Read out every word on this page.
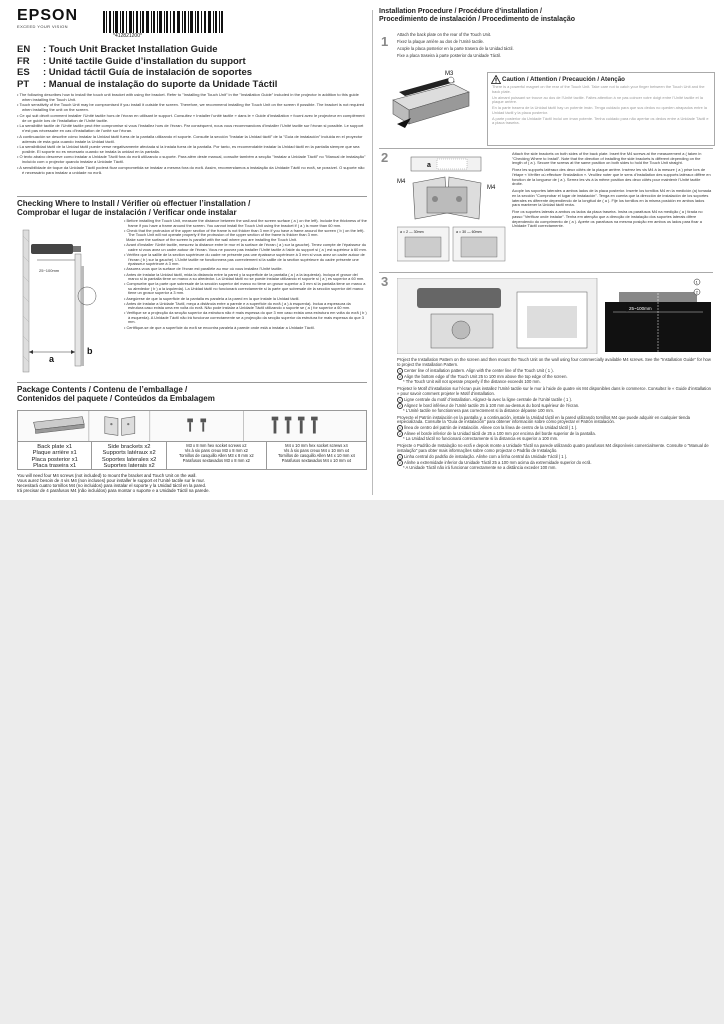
EPSON
EXCEED YOUR VISION
*412821200*
EN : Touch Unit Bracket Installation Guide
FR : Unité tactile Guide d’installation du support
ES : Unidad táctil Guía de instalación de soportes
PT : Manual de instalação do suporte da Unidade Táctil

• The following describes how to install the touch unit bracket with using the bracket. Refer to "Installing the Touch Unit" in the "Installation Guide" included in the projector in addition to this guide when installing the Touch Unit.

• Touch sensitivity of the Touch Unit may be compromised if you install it outside the screen. Therefore, we recommend installing the Touch Unit on the screen if possible. The bracket is not required when installing the unit on the screen.

• Ce qui suit décrit comment installer l’Unité tactile hors de l’écran en utilisant le support. Consultez « Installer l’unité tactile » dans le « Guide d’installation » fourni avec le projecteur en complément de ce guide lors de l’installation de l’Unité tactile.

• La sensibilité tactile de l’Unité tactile peut être compromise si vous l’installez hors de l’écran. Par conséquent, nous vous recommandons d’installer l’Unité tactile sur l’écran si possible. Le support n’est pas nécessaire en cas d’installation de l’unité sur l’écran.

• A continuación se describe cómo instalar la Unidad táctil fuera de la pantalla utilizando el soporte. Consulte la sección "Instalar la Unidad táctil" de la "Guía de instalación" incluida en el proyector además de esta guía cuando instale la Unidad táctil.

• La sensibilidad táctil de la Unidad táctil puede verse negativamente afectada si la instala fuera de la pantalla. Por tanto, es recomendable instalar la Unidad táctil en la pantalla siempre que sea posible. El soporte no es necesario cuando se instala la unidad en la pantalla.

• O texto abaixo descreve como instalar a Unidade Táctil fora do ecrã utilizando o suporte. Para além deste manual, consulte também a secção "Instalar a Unidade Táctil" no "Manual de instalação" incluído com o projector quando instalar a Unidade Táctil.

• A sensibilidade de toque da Unidade Táctil poderá ficar comprometida se instalar a mesma fora do ecrã. Assim, recomendamos a instalação da Unidade Táctil no ecrã, se possível. O suporte não é necessário para instalar a unidade no ecrã.

Checking Where to Install / Vérifier où effectuer l’installation /
Comprobar el lugar de instalación / Verificar onde instalar
25~100mm
a
b

• Before installing the Touch Unit, measure the distance between the wall and the screen surface ( a ) on the left). Include the thickness of the frame if you have a frame around the screen. You cannot install the Touch Unit using the bracket if ( a ) is more than 60 mm.

• Check that the protrusion of the upper section of the frame is not thicker than 3 mm if you have a frame around the screen ( b ) on the left). The Touch Unit will not operate properly if the protrusion of the upper section of the frame is thicker than 3 mm.

Make sure the surface of the screen is parallel with the wall where you are installing the Touch Unit.

• Avant d’installer l’Unité tactile, mesurez la distance entre le mur et la surface de l’écran ( a ) sur la gauche). Tenez compte de l’épaisseur du cadre si vous avez un cadre autour de l’écran. Vous ne pouvez pas installer l’Unité tactile à l’aide du support si ( a ) est supérieur à 60 mm.

• Vérifiez que la saillie de la section supérieure du cadre ne présente pas une épaisseur supérieure à 3 mm si vous avez un cadre autour de l’écran ( b ) sur la gauche). L’Unité tactile ne fonctionnera pas correctement si la saillie de la section supérieure du cadre présente une épaisseur supérieure à 3 mm.

• Assurez-vous que la surface de l’écran est parallèle au mur où vous installez l’Unité tactile.

• Antes de instalar la Unidad táctil, mida la distancia entre la pared y la superficie de la pantalla ( a ) a la izquierda). Incluya el grosor del marco si la pantalla tiene un marco a su alrededor. La Unidad táctil no se puede instalar utilizando el soporte si ( a ) es superior a 60 mm.

• Compruebe que la parte que sobresale de la sección superior del marco no tiene un grosor superior a 3 mm si la pantalla tiene un marco a su alrededor ( b ) a la izquierda). La Unidad táctil no funcionará correctamente si la parte que sobresale de la sección superior del marco tiene un grosor superior a 3 mm.

• Asegúrese de que la superficie de la pantalla es paralela a la pared en la que instale la Unidad táctil.

• Antes de instalar a Unidade Táctil, meça a distância entre a parede e a superfície do ecrã ( a ) à esquerda). Inclua a espessura da estrutura caso exista uma em volta do ecrã. Não pode instalar a Unidade Táctil utilizando o suporte se ( a ) for superior a 60 mm.

• Verifique se a projecção da secção superior da estrutura não é mais espessa do que 3 mm caso exista uma estrutura em volta do ecrã ( b ) à esquerda). A Unidade Táctil não irá funcionar correctamente se a projecção da secção superior da estrutura for mais espessa do que 3 mm.

• Certifique-se de que a superfície do ecrã se encontra paralela à parede onde está a instalar a Unidade Táctil.

Package Contents / Contenu de l’emballage /
Contenidos del paquete / Conteúdos da Embalagem
Back plate x1
Plaque arrière x1
Placa posterior x1
Placa traseira x1
Side brackets x2
Supports latéraux x2
Soportes laterales x2
Suportes laterais x2
M3 x 8 mm hex socket screws x2
Vis à six pans creux M3 x 8 mm x2
Tornillos de casquillo Allen M3 x 8 mm x2
Parafusos sextavados M3 x 8 mm x2
M4 x 10 mm hex socket screws x4
Vis à six pans creux M4 x 10 mm x4
Tornillos de casquillo Allen M4 x 10 mm x4
Parafusos sextavados M4 x 10 mm x4
You will need four M4 screws (not included) to mount the bracket and Touch Unit on the wall.
Vous aurez besoin de 4 vis M4 (non incluses) pour installer le support et l’Unité tactile sur le mur.
Necesitará cuatro tornillos M4 (no incluidos) para instalar el soporte y la Unidad táctil en la pared.
Irá precisar de 4 parafusos M4 (não incluídos) para montar o suporte e a Unidade Táctil na parede.
Installation Procedure / Procédure d’installation /
Procedimiento de instalación / Procedimento de instalação
1 Attach the back plate on the rear of the Touch Unit.
Fixez la plaque arrière au dos de l’Unité tactile.
Acople la placa posterior en la parte trasera de la Unidad táctil.
Fixe a placa traseira à parte posterior da Unidade Táctil.
M3
Caution / Attention / Precaución / Atenção

There is a powerful magnet on the rear of the Touch Unit. Take care not to catch your finger between the Touch Unit and the back plate.

Un aimant puissant se trouve au dos de l’Unité tactile. Faites attention à ne pas coincer votre doigt entre l’Unité tactile et la plaque arrière.

En la parte trasera de la Unidad táctil hay un potente imán. Tenga cuidado para que sus dedos no queden atrapados entre la Unidad táctil y la placa posterior.

A parte posterior da Unidade Táctil inclui um íman potente. Tenha cuidado para não apertar os dedos entre a Unidade Táctil e a placa traseira.

2
a
M4
M4
a = 2 — 30mm	a = 30 — 60mm

Attach the side brackets on both sides of the back plate. Insert the M4 screws at the measurement a ( taken in "Checking Where to Install". Note that the direction of installing the side brackets is different depending on the length of ( a ). Secure the screws at the same position on both sides to hold the Touch Unit straight.

Fixez les supports latéraux des deux côtés de la plaque arrière. Insérez les vis M4 à la mesure ( a ) prise lors de l’étape « Vérifier où effectuer l’installation ». Veuillez noter que le sens d’installation des supports latéraux diffère en fonction de la longueur de ( a ). Serrez les vis à la même position des deux côtés pour maintenir l’Unité tactile droite.

Acople los soportes laterales a ambos lados de la placa posterior. Inserte los tornillos M4 en la medición (a) tomada en la sección "Comprobar el lugar de instalación". Tenga en cuenta que la dirección de instalación de los soportes laterales es diferente dependiendo de la longitud de ( a ). Fije los tornillos en la misma posición en ambos lados para mantener la Unidad táctil recta.

Fixe os suportes laterais a ambos os lados da placa traseira. Insira os parafusos M4 na medição ( a ) tirada no passo "Verificar onde instalar". Tenha em atenção que a direcção de instalação dos suportes laterais difere dependendo do comprimento de ( a ). Aperte os parafusos na mesma posição em ambos os lados para fixar a Unidade Táctil correctamente.

3
25~100mm
1
2

Project the Installation Pattern on the screen and then mount the Touch Unit on the wall using four commercially available M4 screws. See the "Installation Guide" for how to project the Installation Pattern.

1 Center line of installation pattern. Align with the center line of the Touch Unit ( 1 ).

2 Align the bottom edge of the Touch Unit 25 to 100 mm above the top edge of the screen.

* The Touch Unit will not operate properly if the distance exceeds 100 mm.

Projetez le Motif d’installation sur l’écran puis installez l’Unité tactile sur le mur à l’aide de quatre vis M4 disponibles dans le commerce. Consultez le « Guide d’installation » pour savoir comment projeter le Motif d’installation.

1 Ligne centrale du motif d’installation. Alignez-la avec la ligne centrale de l’Unité tactile ( 1 ).

2 Alignez le bord inférieur de l’Unité tactile 25 à 100 mm au-dessus du bord supérieur de l’écran.

* L’Unité tactile ne fonctionnera pas correctement si la distance dépasse 100 mm.

Proyecte el Patrón instalación en la pantalla y, a continuación, instale la Unidad táctil en la pared utilizando tornillos M4 que puede adquirir en cualquier tienda especializada. Consulte la "Guía de instalación" para obtener información sobre cómo proyectar el Patrón instalación.

1 línea de centro del patrón de instalación. Alinee con la línea de centro de la Unidad táctil ( 1 ).

2 Alinee el borde inferior de la Unidad táctil de 25 a 100 mm por encima del borde superior de la pantalla.

* La Unidad táctil no funcionará correctamente si la distancia es superior a 100 mm.

Projecte o Padrão de Instalação no ecrã e depois monte a Unidade Táctil na parede utilizando quatro parafusos M4 disponíveis comercialmente. Consulte o "Manual de instalação" para obter mais informações sobre como projectar o Padrão de Instalação.

1 Linha central do padrão de instalação. Alinhe com a linha central da Unidade Táctil ( 1 ).

2 Alinhe a extremidade inferior da Unidade Táctil 25 a 100 mm acima da extremidade superior do ecrã.

* A Unidade Táctil não irá funcionar correctamente se a distância exceder 100 mm.
